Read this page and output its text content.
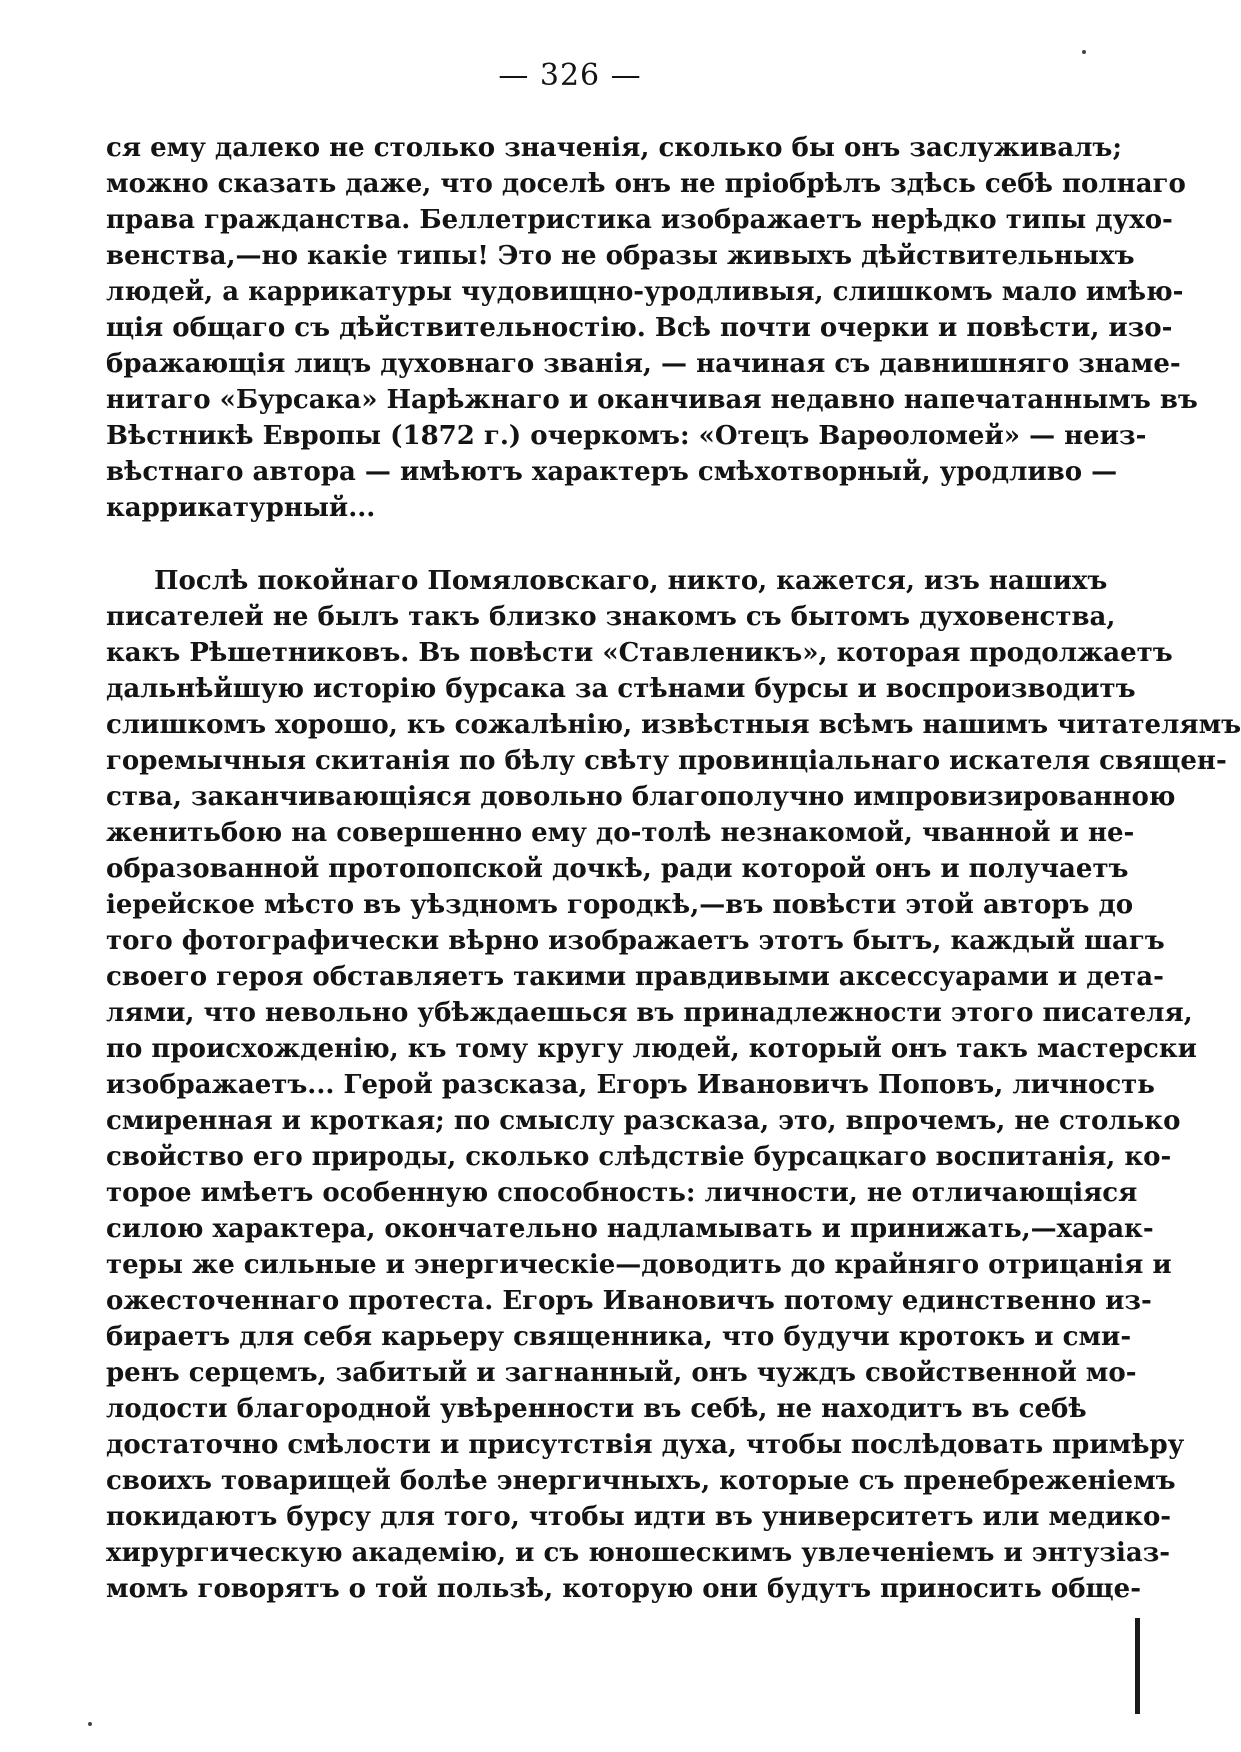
— 326 —
ся ему далеко не столько значенія, сколько бы онъ заслуживалъ;
можно сказать даже, что доселѣ онъ не пріобрѣлъ здѣсь себѣ полнаго
права гражданства. Беллетристика изображаетъ нерѣдко типы духо-
венства,—но какіе типы! Это не образы живыхъ дѣйствительныхъ
людей, а каррикатуры чудовищно-уродливыя, слишкомъ мало имѣю-
щія общаго съ дѣйствительностію. Всѣ почти очерки и повѣсти, изо-
бражающія лицъ духовнаго званія, — начиная съ давнишняго знаме-
нитаго «Бурсака» Нарѣжнаго и оканчивая недавно напечатаннымъ въ
Вѣстникѣ Европы (1872 г.) очеркомъ: «Отецъ Варѳоломей» — неиз-
вѣстнаго автора — имѣютъ характеръ смѣхотворный, уродливо —
каррикатурный...
Послѣ покойнаго Помяловскаго, никто, кажется, изъ нашихъ
писателей не былъ такъ близко знакомъ съ бытомъ духовенства,
какъ Рѣшетниковъ. Въ повѣсти «Ставленикъ», которая продолжаетъ
дальнѣйшую исторію бурсака за стѣнами бурсы и воспроизводитъ
слишкомъ хорошо, къ сожалѣнію, извѣстныя всѣмъ нашимъ читателямъ
горемычныя скитанія по бѣлу свѣту провинціальнаго искателя священ-
ства, заканчивающіяся довольно благополучно импровизированною
женитьбою на совершенно ему до-толѣ незнакомой, чванной и не-
образованной протопопской дочкѣ, ради которой онъ и получаетъ
іерейское мѣсто въ уѣздномъ городкѣ,—въ повѣсти этой авторъ до
того фотографически вѣрно изображаетъ этотъ бытъ, каждый шагъ
своего героя обставляетъ такими правдивыми аксессуарами и дета-
лями, что невольно убѣждаешься въ принадлежности этого писателя,
по происхожденію, къ тому кругу людей, который онъ такъ мастерски
изображаетъ... Герой разсказа, Егоръ Ивановичъ Поповъ, личность
смиренная и кроткая; по смыслу разсказа, это, впрочемъ, не столько
свойство его природы, сколько слѣдствіе бурсацкаго воспитанія, ко-
торое имѣетъ особенную способность: личности, не отличающіяся
силою характера, окончательно надламывать и принижать,—харак-
теры же сильные и энергическіе—доводить до крайняго отрицанія и
ожесточеннаго протеста. Егоръ Ивановичъ потому единственно из-
бираетъ для себя карьеру священника, что будучи кротокъ и сми-
ренъ серцемъ, забитый и загнанный, онъ чуждъ свойственной мо-
лодости благородной увѣренности въ себѣ, не находитъ въ себѣ
достаточно смѣлости и присутствія духа, чтобы послѣдовать примѣру
своихъ товарищей болѣе энергичныхъ, которые съ пренебреженіемъ
покидаютъ бурсу для того, чтобы идти въ университетъ или медико-
хирургическую академію, и съ юношескимъ увлеченіемъ и энтузіаз-
момъ говорятъ о той пользѣ, которую они будутъ приносить обще-
